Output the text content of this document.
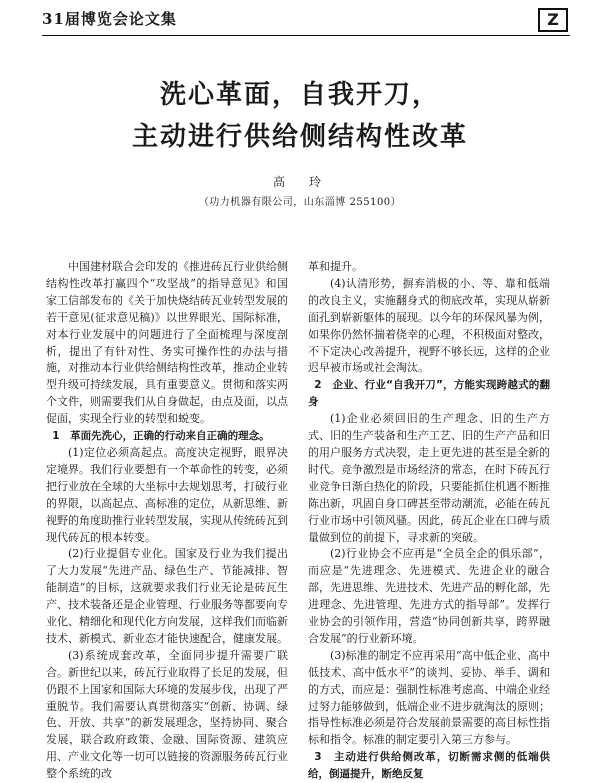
31届博览会论文集	Z
洗心革面，自我开刀，
主动进行供给侧结构性改革
高　玲
（功力机器有限公司，山东淄博 255100）

中国建材联合会印发的《推进砖瓦行业供给侧结构性改革打赢四个“攻坚战”的指导意见》和国家工信部发布的《关于加快烧结砖瓦业转型发展的若干意见(征求意见稿)》以世界眼光、国际标准，对本行业发展中的问题进行了全面梳理与深度剖析，提出了有针对性、务实可操作性的办法与措施，对推动本行业供给侧结构性改革，推动企业转型升级可持续发展，具有重要意义。贯彻和落实两个文件，则需要我们从自身做起，由点及面，以点促面，实现全行业的转型和蜕变。

1　革面先洗心，正确的行动来自正确的理念。

(1)定位必须高起点。高度决定视野，眼界决定境界。我们行业要想有一个革命性的转变，必须把行业放在全球的大坐标中去规划思考，打破行业的界限，以高起点、高标准的定位，从新思维、新视野的角度助推行业转型发展，实现从传统砖瓦到现代砖瓦的根本转变。

(2)行业提倡专业化。国家及行业为我们提出了大力发展“先进产品、绿色生产、节能减排、智能制造”的目标，这就要求我们行业无论是砖瓦生产、技术装备还是企业管理、行业服务等都要向专业化、精细化和现代化方向发展，这样我们而临新技术、新模式、新业态才能快速配合，健康发展。

(3)系统成套改革，全面同步提升需要广联合。新世纪以来，砖瓦行业取得了长足的发展，但仍跟不上国家和国际大环境的发展步伐，出现了严重脱节。我们需要认真贯彻落实“创新、协调、绿色、开放、共享”的新发展理念，坚持协同、聚合发展，联合政府政策、金融、国际资源、建筑应用、产业文化等一切可以链接的资源服务砖瓦行业整个系统的改

革和提升。

(4)认清形势，摒弃消极的小、等、靠和低端的改良主义，实施翻身式的彻底改革，实现从崭新面孔到崭新躯体的展现。以今年的环保风暴为例，如果你仍然怀揣着侥幸的心理，不积极面对整改，不下定决心改善提升，视野不够长远，这样的企业迟早被市场或社会淘汰。

2　企业、行业“自我开刀”，方能实现跨越式的翻身

(1)企业必须回旧的生产理念、旧的生产方式、旧的生产装备和生产工艺、旧的生产产品和旧的用户服务方式决裂，走上更先进的甚至是全新的时代。竞争激烈是市场经济的常态，在时下砖瓦行业竞争日渐白热化的阶段，只要能抓住机遇不断推陈出新，巩固自身口碑甚至带动潮流，必能在砖瓦行业市场中引领风骚。因此，砖瓦企业在口碑与质量做到位的前提下，寻求新的突破。

(2)行业协会不应再是“全员全企的俱乐部”，而应是“先进理念、先进模式、先进企业的融合部，先进思维、先进技术、先进产品的孵化部，先进理念、先进管理、先进方式的指导部”。发挥行业协会的引领作用，营造“协同创新共享，跨界融合发展”的行业新环境。

(3)标准的制定不应再采用“高中低企业、高中低技术、高中低水平”的谈判、妥协、举手、调和的方式，而应是：强制性标准考虑高、中端企业经过努力能够做到，低端企业不进步就淘汰的原则；指导性标准必须是符合发展前景需要的高目标性指标和指令。标准的制定要引入第三方参与。

3　主动进行供给侧改革，切断需求侧的低端供给，倒逼提升，断绝反复
